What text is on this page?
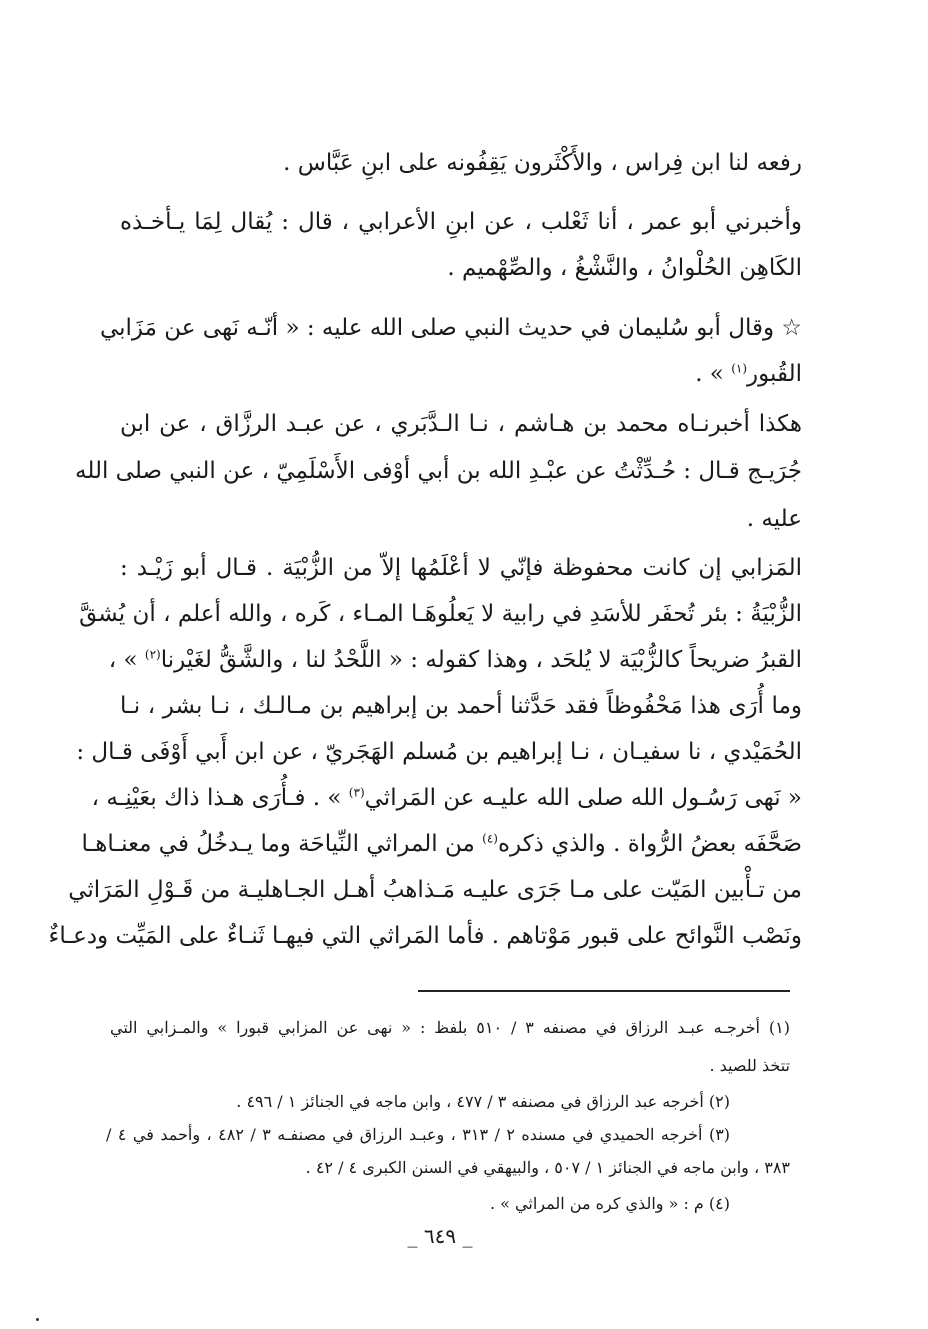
رفعه لنا ابن فِراس ، والأَكْثَرون يَقِفُونه على ابنِ عَبَّاس .
وأخبرني أبو عمر ، أنا ثَعْلب ، عن ابنِ الأعرابي ، قال : يُقال لِمَا يـأخـذه
الكَاهِن الحُلْوانُ ، والنَّشْغُ ، والصِّهْميم .
☆ وقال أبو سُليمان في حديث النبي صلى الله عليه : « أنّـه نَهى عن مَزَابي
القُبور$^{(١)}$ » .
هكذا أخبرنـاه محمد بن هـاشم ، نـا الـدَّبَري ، عن عبـد الرزَّاق ، عن ابن
جُرَيـج قـال : حُـدِّثْتُ عن عبْـدِ الله بن أبي أوْفى الأَسْلَمِيّ ، عن النبي صلى الله
عليه .
المَزابي إن كانت محفوظة فإنّي لا أعْلَمُها إلاّ من الزُّبْيَة . قـال أبو زَيْـد :
الزُّبْيَةُ : بئر تُحفَر للأسَدِ في رابية لا يَعلُوهَـا المـاء ، كَره ، والله أعلم ، أن يُشقَّ
القبرُ ضريحاً كالزُّبْيَة لا يُلحَد ، وهذا كقوله : « اللَّحْدُ لنا ، والشَّقُّ لغَيْرنا$^{(٢)}$ » ،
وما أُرَى هذا مَحْفُوظاً فقد حَدَّثنا أحمد بن إبراهيم بن مـالـك ، نـا بشر ، نـا
الحُمَيْدي ، نا سفيـان ، نـا إبراهيم بن مُسلم الهَجَريّ ، عن ابن أَبي أَوْفَى قـال :
« نَهى رَسُـول الله صلى الله عليـه عن المَراثي$^{(٣)}$ » . فـأُرَى هـذا ذاك بعَيْنِـه ،
صَحَّفَه بعضُ الرُّواة . والذي ذكره$^{(٤)}$ من المراثي النِّياحَة وما يـدخُلُ في معنـاهـا
من تـأْبين المَيّت على مـا جَرَى عليـه مَـذاهبُ أهـل الجـاهليـة من قَـوْلِ المَرَاثي
ونَصْب النَّوائح على قبور مَوْتاهم . فأما المَراثي التي فيهـا ثَنـاءٌ على المَيِّت ودعـاءٌ
(١) أخرجـه عبـد الرزاق في مصنفه ٣ / ٥١٠ بلفظ : « نهى عن المزابي قبورا » والمـزابي التي
تتخذ للصيد .
(٢) أخرجه عبد الرزاق في مصنفه ٣ / ٤٧٧ ، وابن ماجه في الجنائز ١ / ٤٩٦ .
(٣) أخرجه الحميدي في مسنده ٢ / ٣١٣ ، وعبـد الرزاق في مصنفـه ٣ / ٤٨٢ ، وأحمد في ٤ /
٣٨٣ ، وابن ماجه في الجنائز ١ / ٥٠٧ ، والبيهقي في السنن الكبرى ٤ / ٤٢ .
(٤) م : « والذي كره من المراثي » .
_ ٦٤٩ _
